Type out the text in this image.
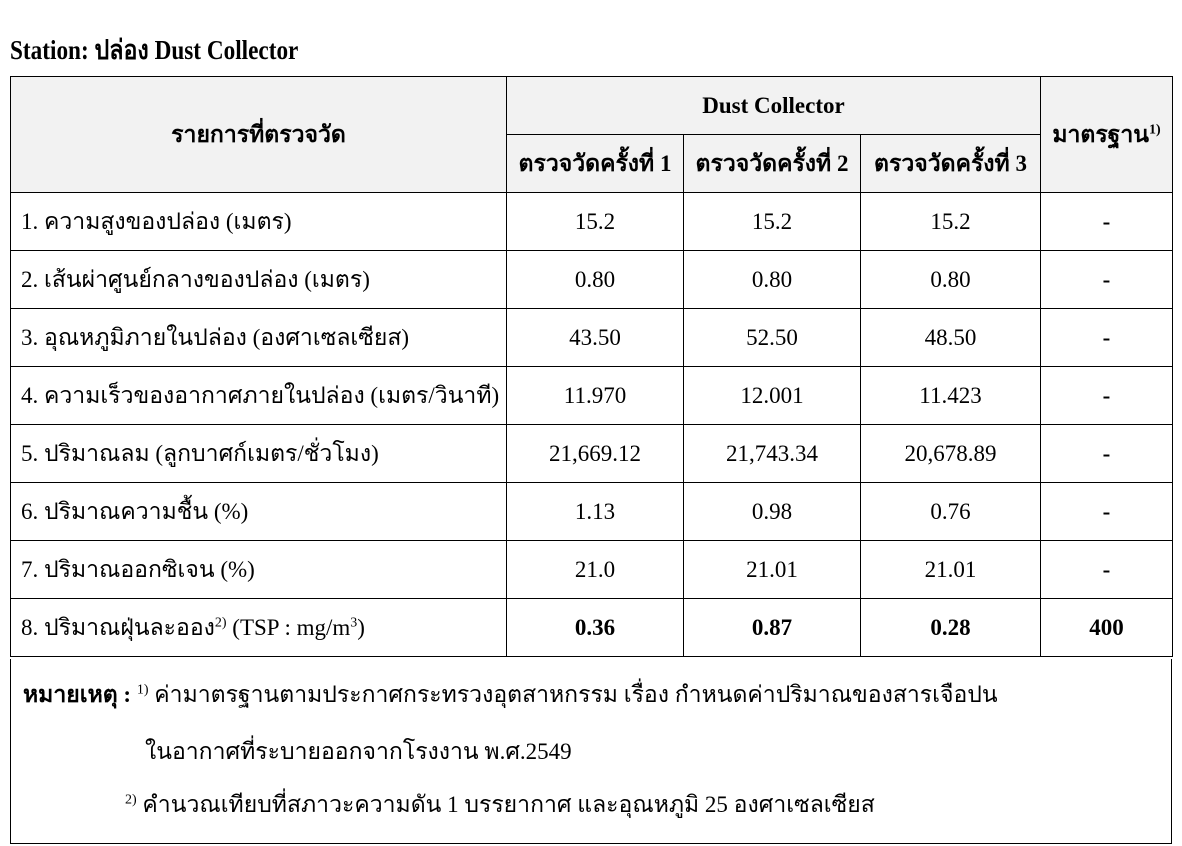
Station: ปล่อง Dust Collector
รายการที่ตรวจวัด	Dust Collector			มาตรฐาน$^{1)}$
	ตรวจวัดครั้งที่ 1	ตรวจวัดครั้งที่ 2	ตรวจวัดครั้งที่ 3	
1. ความสูงของปล่อง (เมตร)	15.2	15.2	15.2	-
2. เส้นผ่าศูนย์กลางของปล่อง (เมตร)	0.80	0.80	0.80	-
3. อุณหภูมิภายในปล่อง (องศาเซลเซียส)	43.50	52.50	48.50	-
4. ความเร็วของอากาศภายในปล่อง (เมตร/วินาที)	11.970	12.001	11.423	-
5. ปริมาณลม (ลูกบาศก์เมตร/ชั่วโมง)	21,669.12	21,743.34	20,678.89	-
6. ปริมาณความชื้น (%)	1.13	0.98	0.76	-
7. ปริมาณออกซิเจน (%)	21.0	21.01	21.01	-
8. ปริมาณฝุ่นละออง$^{2)}$ (TSP : $mg/m^3$)	0.36	0.87	0.28	400
หมายเหตุ : $^{1)}$ ค่ามาตรฐานตามประกาศกระทรวงอุตสาหกรรม เรื่อง กำหนดค่าปริมาณของสารเจือปน
ในอากาศที่ระบายออกจากโรงงาน พ.ศ.2549
$^{2)}$ คำนวณเทียบที่สภาวะความดัน 1 บรรยากาศ และอุณหภูมิ 25 องศาเซลเซียส
